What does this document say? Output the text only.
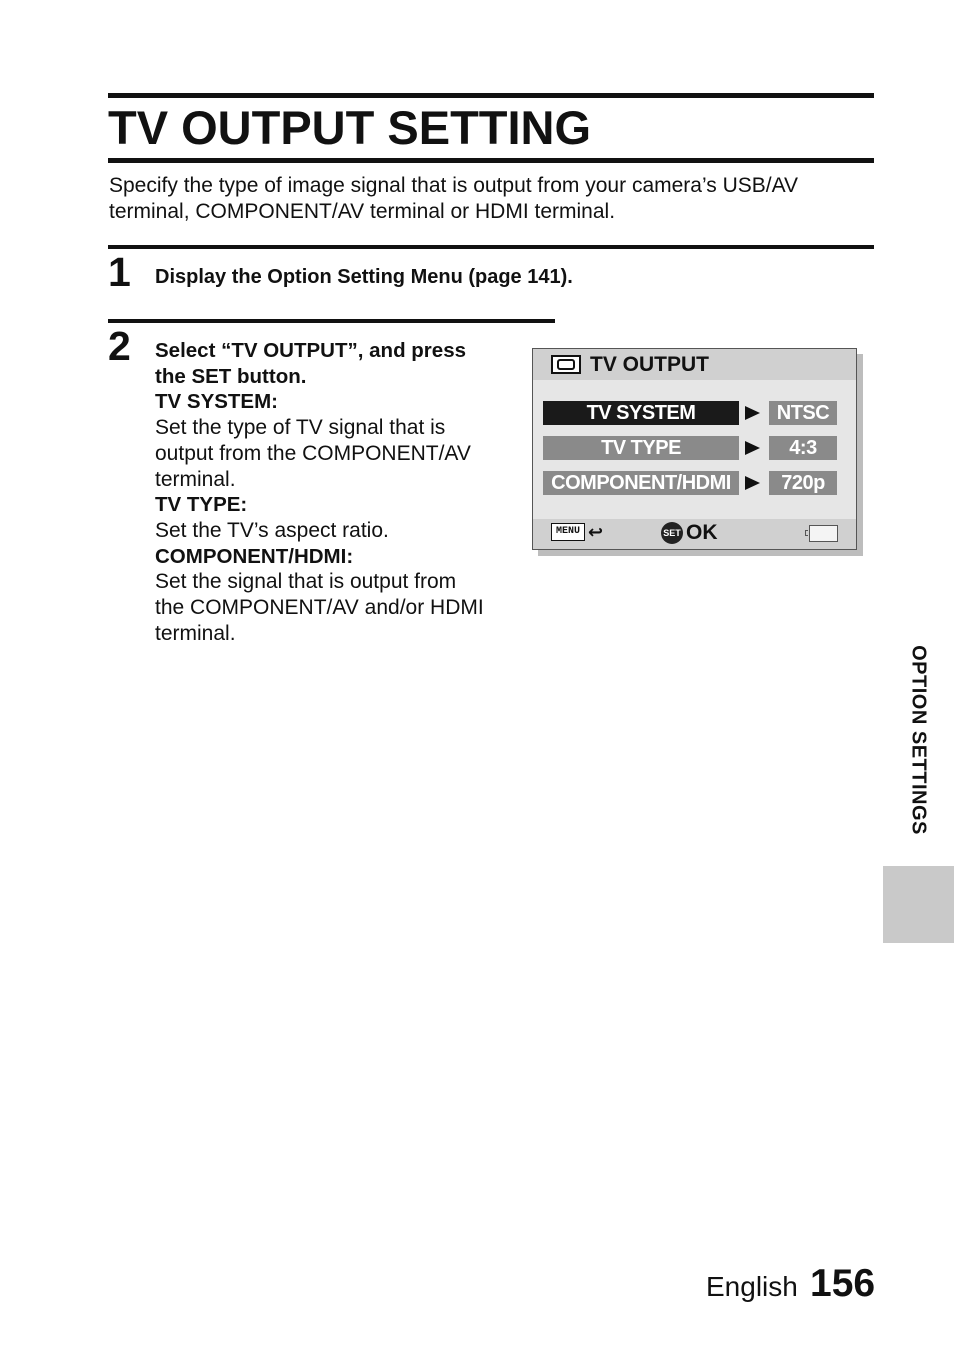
TV OUTPUT SETTING

Specify the type of image signal that is output from your camera’s USB/AV terminal, COMPONENT/AV terminal or HDMI terminal.

1 Display the Option Setting Menu (page 141).

2 Select “TV OUTPUT”, and press
the SET button.
TV SYSTEM:
Set the type of TV signal that is
output from the COMPONENT/AV
terminal.
TV TYPE:
Set the TV’s aspect ratio.
COMPONENT/HDMI:
Set the signal that is output from
the COMPONENT/AV and/or HDMI
terminal.
TV OUTPUT
TV SYSTEM	NTSC
TV TYPE	4:3
COMPONENT/HDMI	720p
MENU ↩	SET OK
OPTION SETTINGS
English 156
